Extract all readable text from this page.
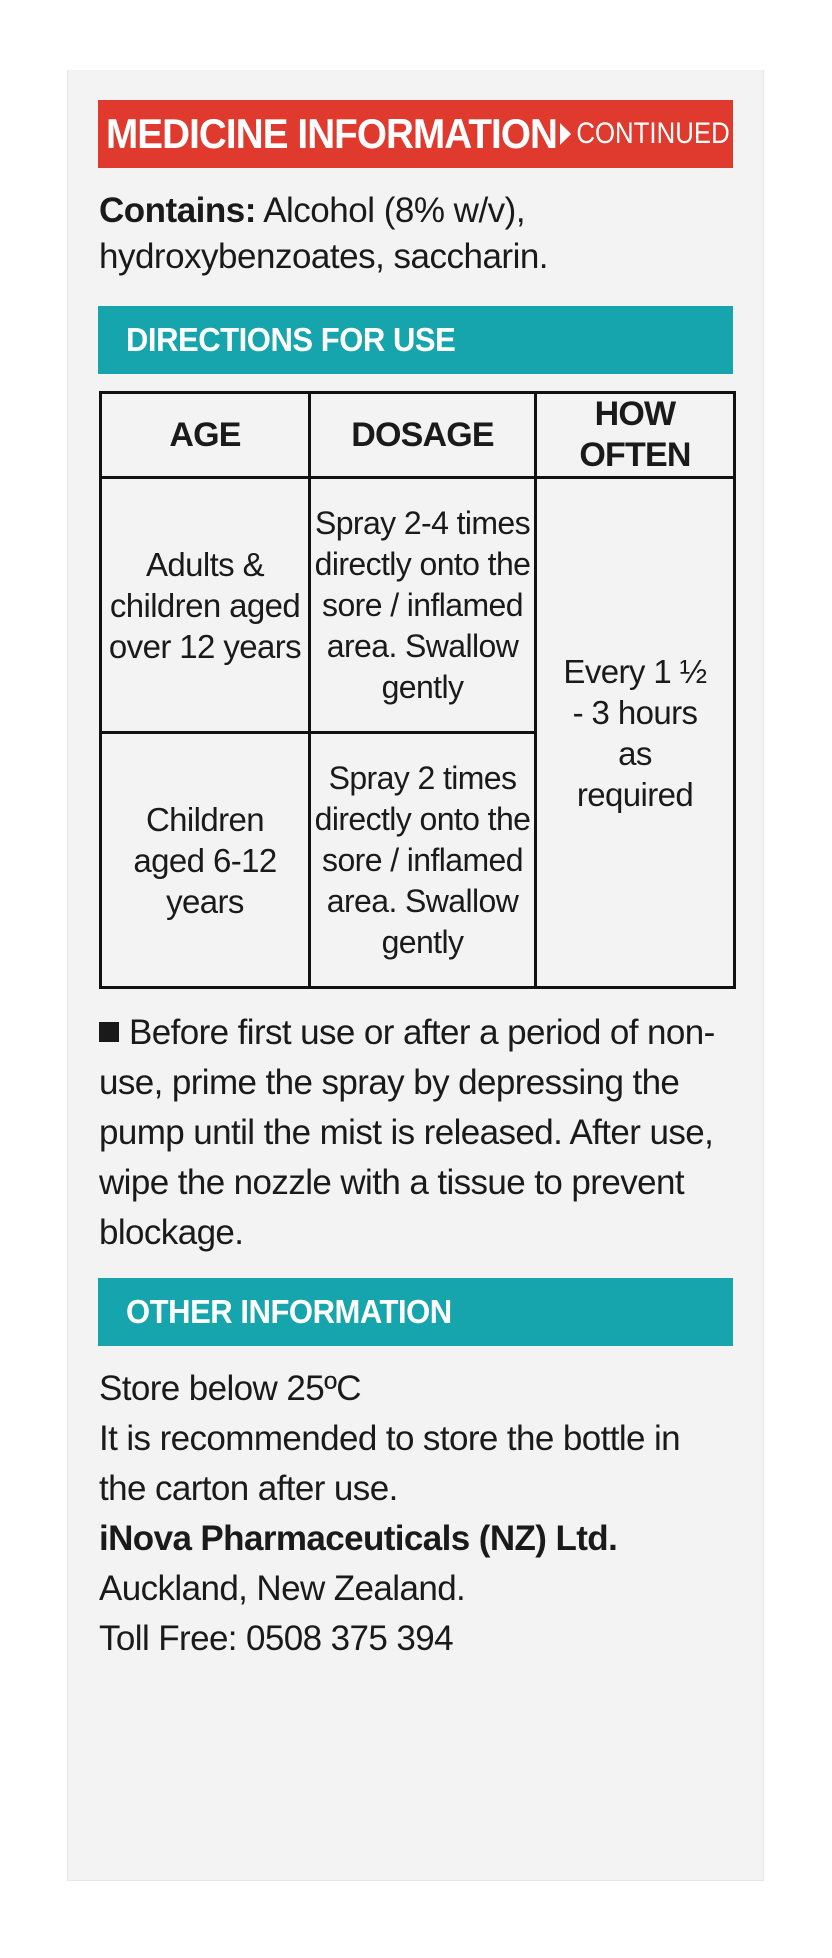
MEDICINE INFORMATION CONTINUED
Contains: Alcohol (8% w/v), hydroxybenzoates, saccharin.
DIRECTIONS FOR USE
AGE	DOSAGE	HOW OFTEN
Adults & children aged over 12 years	Spray 2-4 times directly onto the sore / inflamed area. Swallow gently	Every 1 ½ - 3 hours as required
Children aged 6-12 years	Spray 2 times directly onto the sore / inflamed area. Swallow gently	
Before first use or after a period of non-use, prime the spray by depressing the pump until the mist is released. After use, wipe the nozzle with a tissue to prevent blockage.
OTHER INFORMATION
Store below 25ºC
It is recommended to store the bottle in
the carton after use.
iNova Pharmaceuticals (NZ) Ltd.
Auckland, New Zealand.
Toll Free: 0508 375 394
